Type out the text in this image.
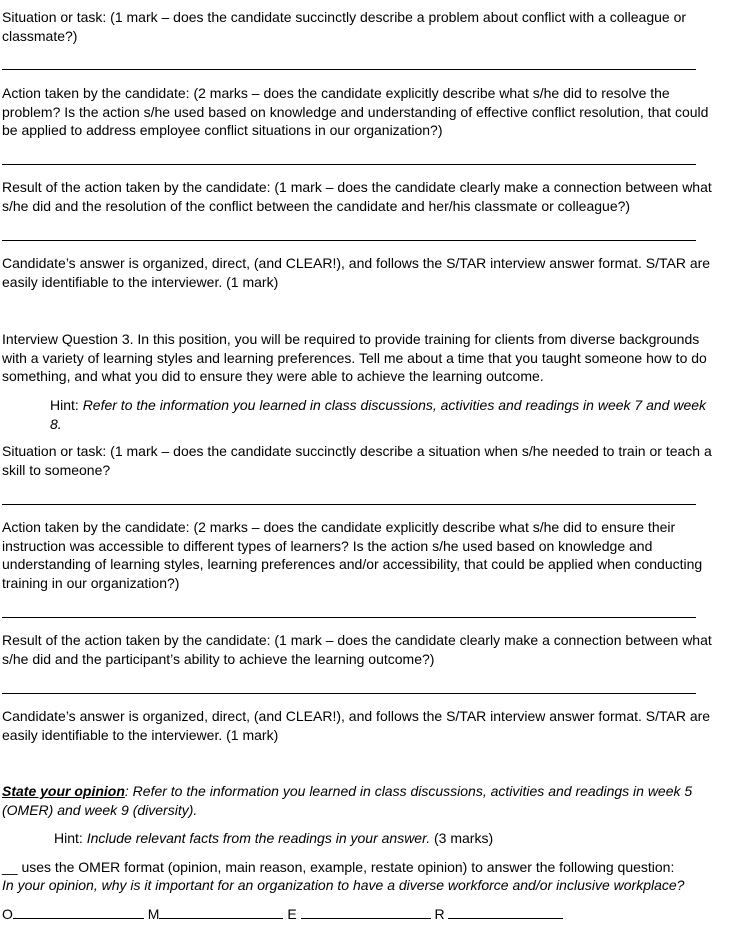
Situation or task: (1 mark – does the candidate succinctly describe a problem about conflict with a colleague or classmate?)
Action taken by the candidate: (2 marks – does the candidate explicitly describe what s/he did to resolve the problem? Is the action s/he used based on knowledge and understanding of effective conflict resolution, that could be applied to address employee conflict situations in our organization?)
Result of the action taken by the candidate: (1 mark – does the candidate clearly make a connection between what s/he did and the resolution of the conflict between the candidate and her/his classmate or colleague?)
Candidate’s answer is organized, direct, (and CLEAR!), and follows the S/TAR interview answer format. S/TAR are easily identifiable to the interviewer. (1 mark)
Interview Question 3. In this position, you will be required to provide training for clients from diverse backgrounds with a variety of learning styles and learning preferences. Tell me about a time that you taught someone how to do something, and what you did to ensure they were able to achieve the learning outcome.
Hint: Refer to the information you learned in class discussions, activities and readings in week 7 and week 8.
Situation or task: (1 mark – does the candidate succinctly describe a situation when s/he needed to train or teach a skill to someone?
Action taken by the candidate: (2 marks – does the candidate explicitly describe what s/he did to ensure their instruction was accessible to different types of learners? Is the action s/he used based on knowledge and understanding of learning styles, learning preferences and/or accessibility, that could be applied when conducting training in our organization?)
Result of the action taken by the candidate: (1 mark – does the candidate clearly make a connection between what s/he did and the participant’s ability to achieve the learning outcome?)
Candidate’s answer is organized, direct, (and CLEAR!), and follows the S/TAR interview answer format. S/TAR are easily identifiable to the interviewer. (1 mark)
State your opinion: Refer to the information you learned in class discussions, activities and readings in week 5 (OMER) and week 9 (diversity).
Hint: Include relevant facts from the readings in your answer. (3 marks)
__ uses the OMER format (opinion, main reason, example, restate opinion) to answer the following question:
In your opinion, why is it important for an organization to have a diverse workforce and/or inclusive workplace?
O	M	E	R
